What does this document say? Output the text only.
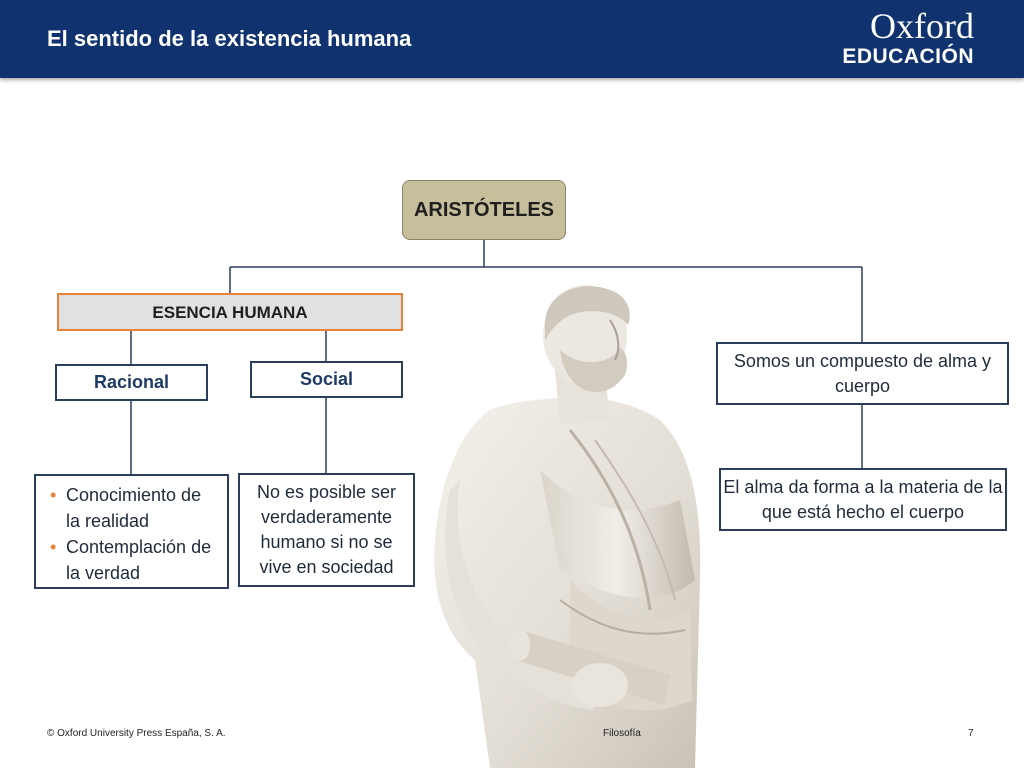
El sentido de la existencia humana	Oxford
EDUCACIÓN
ARISTÓTELES
ESENCIA HUMANA
Racional	Social
• Conocimiento de la realidad
• Contemplación de la verdad
No es posible ser verdaderamente humano si no se vive en sociedad
Somos un compuesto de alma y cuerpo
El alma da forma a la materia de la que está hecho el cuerpo
© Oxford University Press España, S. A.	Filosofía	7
